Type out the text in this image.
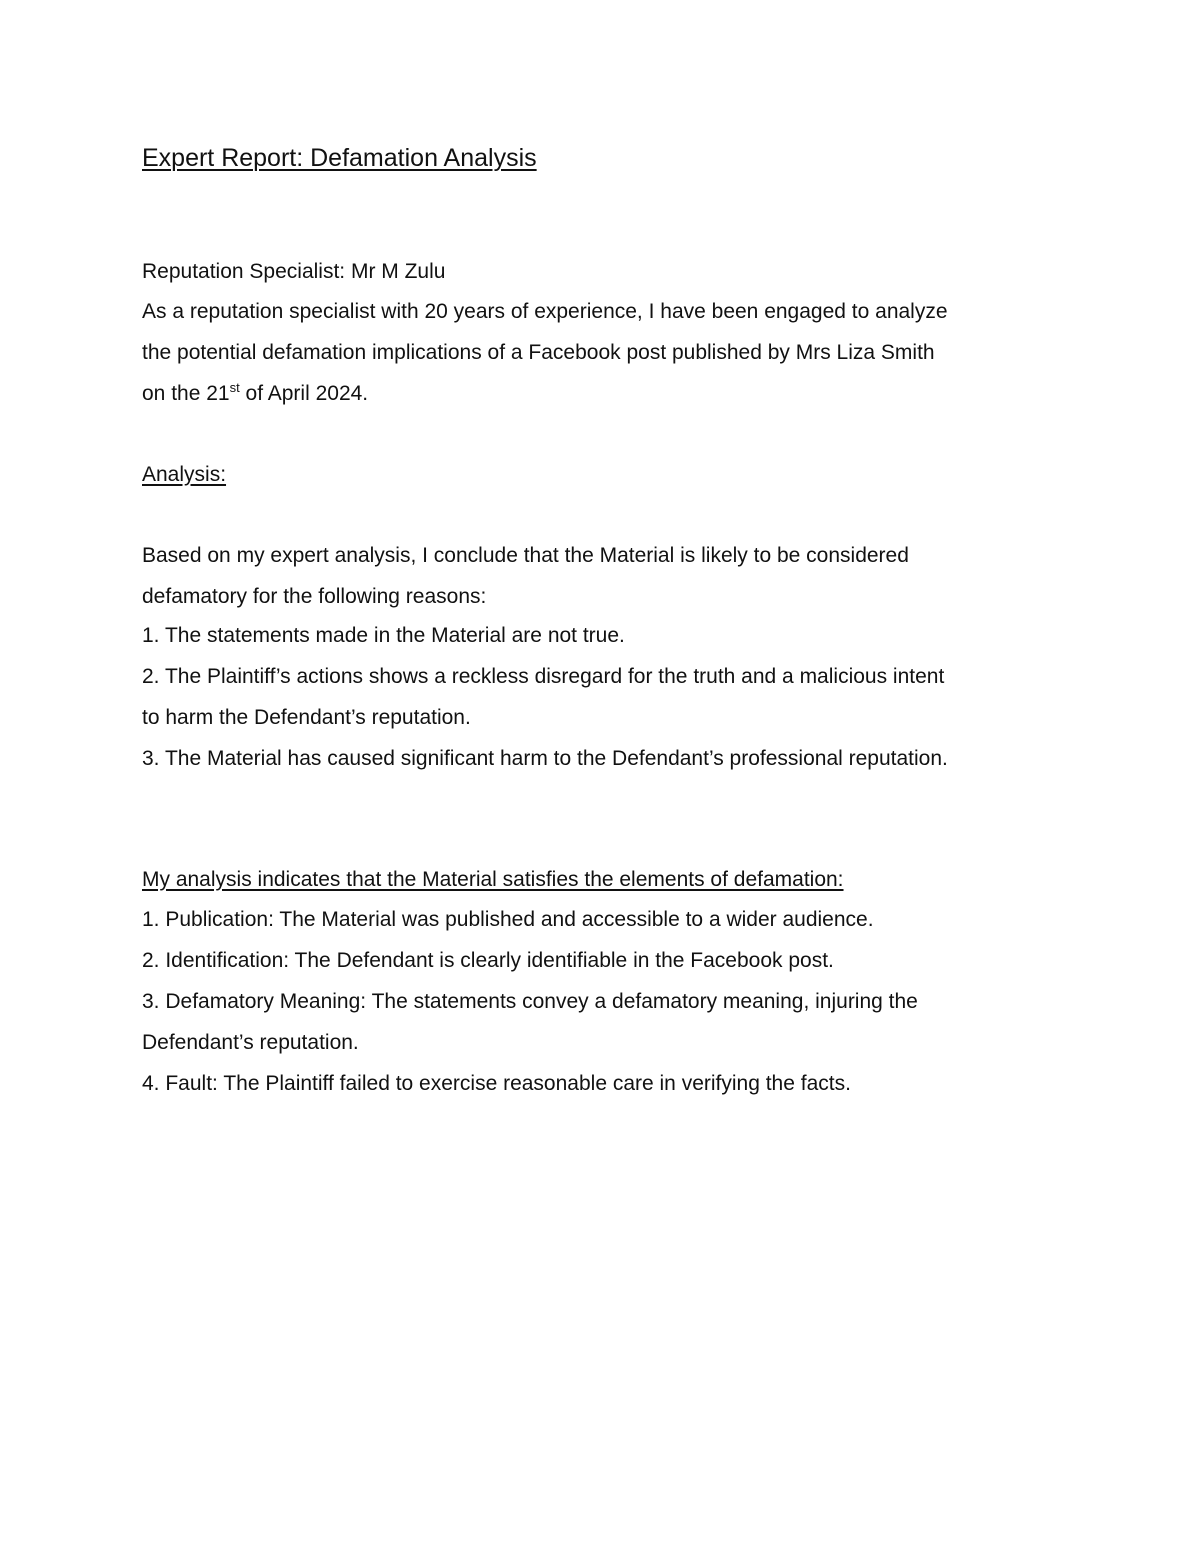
Expert Report: Defamation Analysis
Reputation Specialist: Mr M Zulu
As a reputation specialist with 20 years of experience, I have been engaged to analyze
the potential defamation implications of a Facebook post published by Mrs Liza Smith
on the 21st of April 2024.
Analysis:
Based on my expert analysis, I conclude that the Material is likely to be considered
defamatory for the following reasons:
1. The statements made in the Material are not true.
2. The Plaintiff’s actions shows a reckless disregard for the truth and a malicious intent
to harm the Defendant’s reputation.
3. The Material has caused significant harm to the Defendant’s professional reputation.
My analysis indicates that the Material satisfies the elements of defamation:
1. Publication: The Material was published and accessible to a wider audience.
2. Identification: The Defendant is clearly identifiable in the Facebook post.
3. Defamatory Meaning: The statements convey a defamatory meaning, injuring the
Defendant’s reputation.
4. Fault: The Plaintiff failed to exercise reasonable care in verifying the facts.
